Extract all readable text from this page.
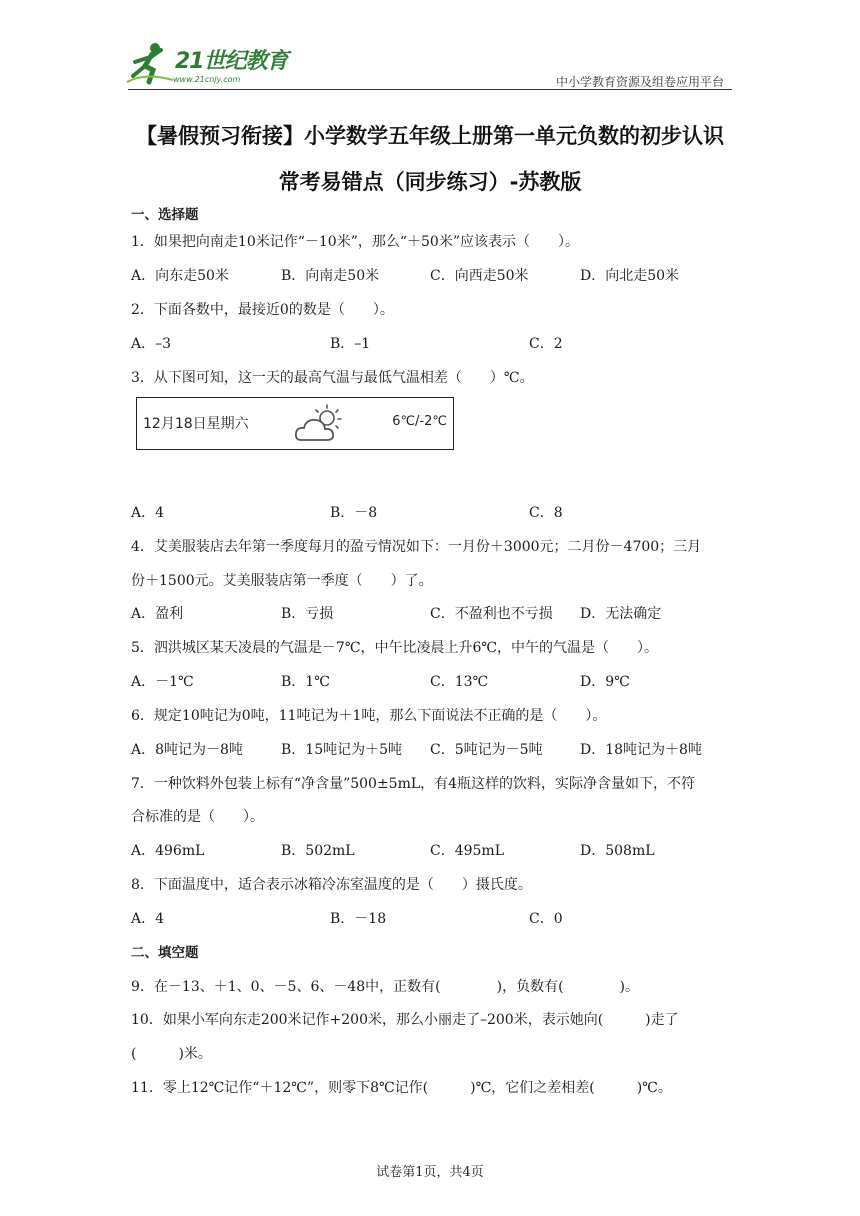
21世纪教育
www.21cnjy.com	中小学教育资源及组卷应用平台
【暑假预习衔接】小学数学五年级上册第一单元负数的初步认识
常考易错点（同步练习）-苏教版
一、选择题
1．如果把向南走10米记作“－10米”，那么“＋50米”应该表示（　　）。
A．向东走50米	B．向南走50米	C．向西走50米	D．向北走50米
2．下面各数中，最接近0的数是（　　）。
A．–3	B．–1	C．2
3．从下图可知，这一天的最高气温与最低气温相差（　　）℃。
12月18日星期六	6℃/-2℃
A．4	B．－8	C．8
4．艾美服装店去年第一季度每月的盈亏情况如下：一月份＋3000元；二月份－4700；三月
份＋1500元。艾美服装店第一季度（　　）了。
A．盈利	B．亏损	C．不盈利也不亏损 D．无法确定
5．泗洪城区某天凌晨的气温是－7℃，中午比凌晨上升6℃，中午的气温是（　　）。
A．－1℃	B．1℃	C．13℃	D．9℃
6．规定10吨记为0吨，11吨记为＋1吨，那么下面说法不正确的是（　　）。
A．8吨记为－8吨	B．15吨记为＋5吨 C．5吨记为－5吨	D．18吨记为＋8吨
7．一种饮料外包装上标有“净含量”500±5mL，有4瓶这样的饮料，实际净含量如下，不符
合标准的是（　　）。
A．496mL	B．502mL	C．495mL	D．508mL
8．下面温度中，适合表示冰箱冷冻室温度的是（　　）摄氏度。
A．4	B．－18	C．0
二、填空题
9．在－13、＋1、0、－5、6、－48中，正数有(　　　　)，负数有(　　　　)。
10．如果小军向东走200米记作+200米，那么小丽走了–200米，表示她向(　　　)走了
(　　　)米。
11．零上12℃记作“＋12℃”，则零下8℃记作(　　　)℃，它们之差相差(　　　)℃。
试卷第1页，共4页
